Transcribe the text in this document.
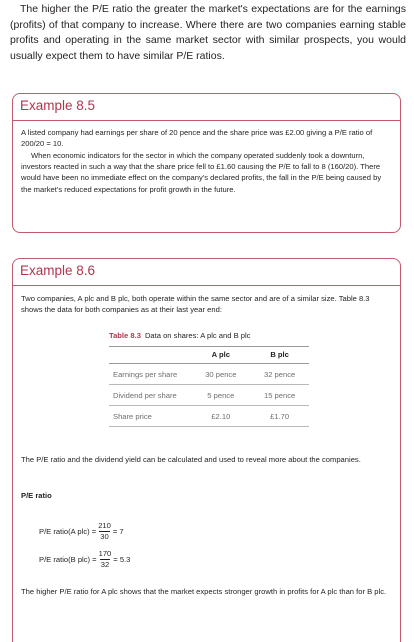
The higher the P/E ratio the greater the market's expectations are for the earnings (profits) of that company to increase. Where there are two companies earning stable profits and operating in the same market sector with similar prospects, you would usually expect them to have similar P/E ratios.

Example 8.5

A listed company had earnings per share of 20 pence and the share price was £2.00 giving a P/E ratio of 200/20 = 10.

When economic indicators for the sector in which the company operated suddenly took a downturn, investors reacted in such a way that the share price fell to £1.60 causing the P/E to fall to 8 (160/20). There would have been no immediate effect on the company's declared profits, the fall in the P/E being caused by the market's reduced expectations for profit growth in the future.

Example 8.6

Two companies, A plc and B plc, both operate within the same sector and are of a similar size. Table 8.3 shows the data for both companies as at their last year end:

Table 8.3 Data on shares: A plc and B plc

	A plc	B plc
Earnings per share	30 pence	32 pence
Dividend per share	5 pence	15 pence
Share price	£2.10	£1.70

The P/E ratio and the dividend yield can be calculated and used to reveal more about the companies.

P/E ratio

P/E ratio(A $plc) = \frac{210}{30} = 7$
P/E ratio(B $plc) = \frac{170}{32} = 5.3$

The higher P/E ratio for A plc shows that the market expects stronger growth in profits for A plc than for B plc.
